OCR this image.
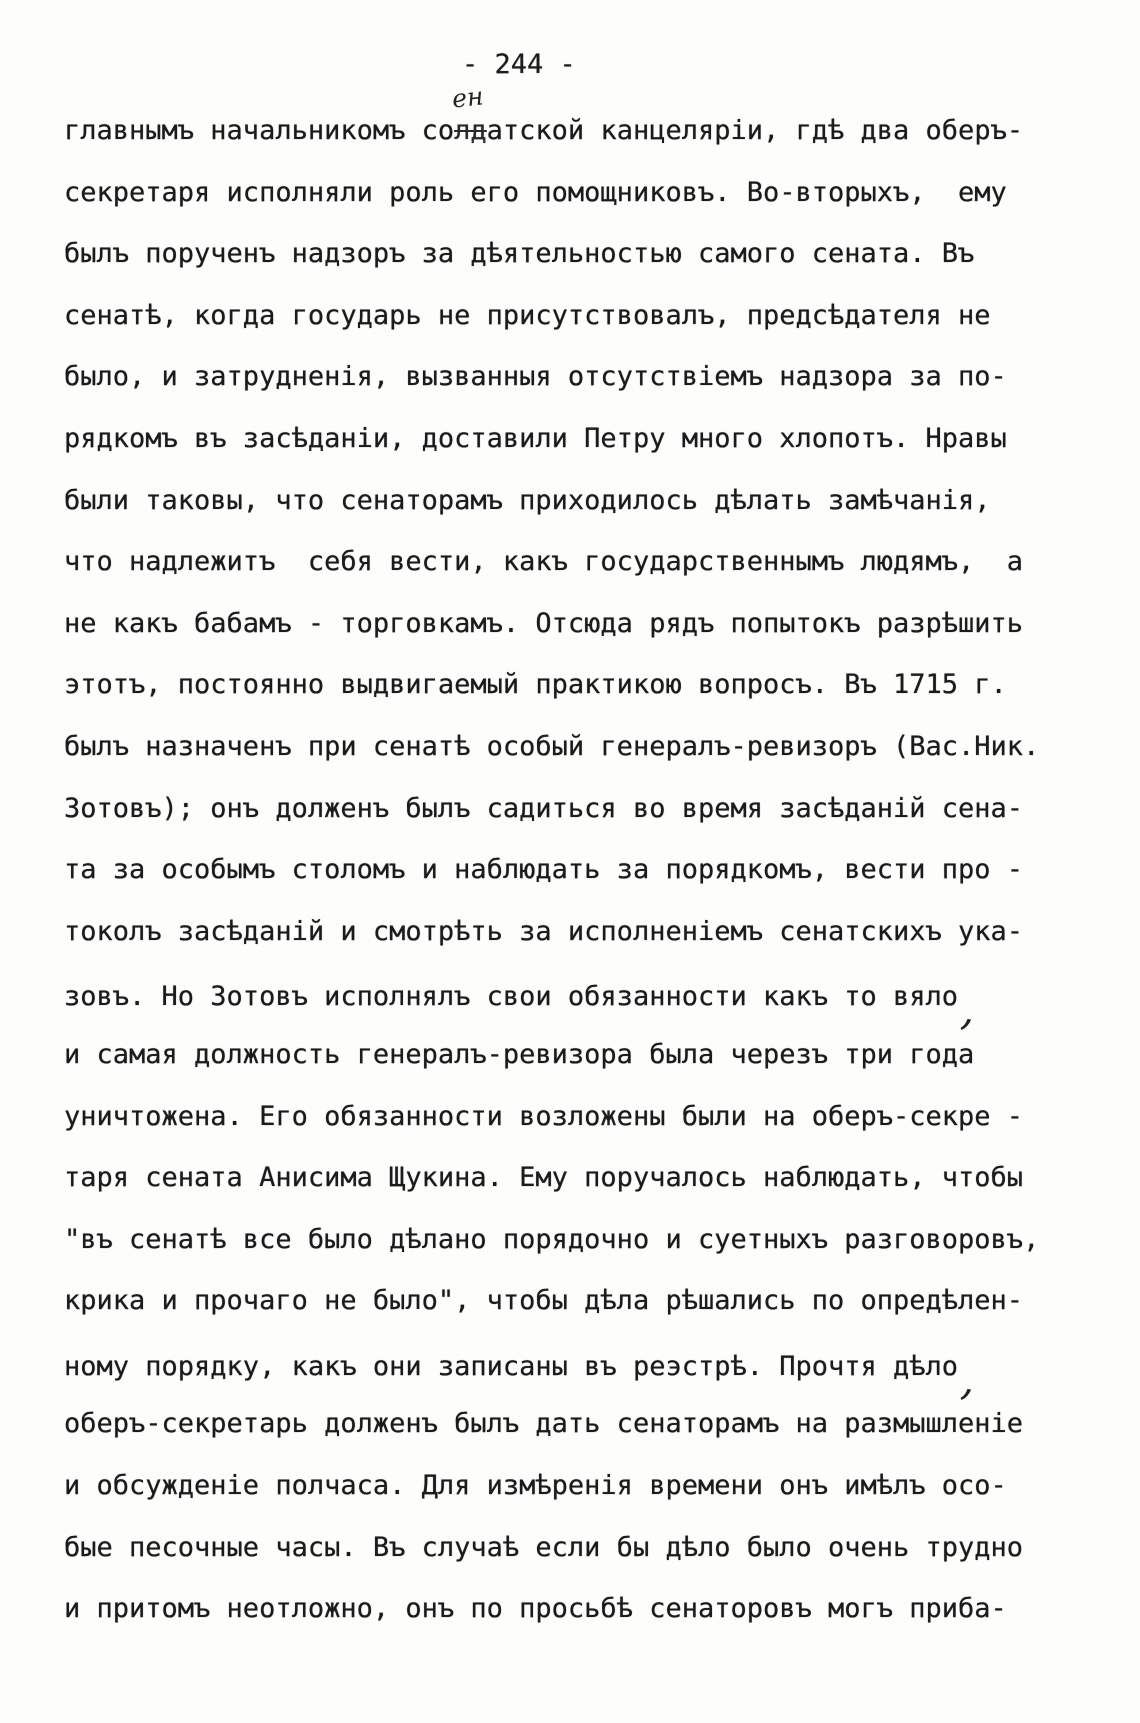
- 244 -
главнымъ начальникомъ солд
ен
атской канцеляріи, гдѣ два оберъ-
секретаря исполняли роль его помощниковъ. Во-вторыхъ,  ему
былъ порученъ надзоръ за дѣятельностью самого сената. Въ
сенатѣ, когда государь не присутствовалъ, предсѣдателя не
было, и затрудненія, вызванныя отсутствіемъ надзора за по-
рядкомъ въ засѣданіи, доставили Петру много хлопотъ. Нравы
были таковы, что сенаторамъ приходилось дѣлать замѣчанія,
что надлежитъ  себя вести, какъ государственнымъ людямъ,  а
не какъ бабамъ - торговкамъ. Отсюда рядъ попытокъ разрѣшить
этотъ, постоянно выдвигаемый практикою вопросъ. Въ 1715 г.
былъ назначенъ при сенатѣ особый генералъ-ревизоръ (Вас.Ник.
Зотовъ); онъ долженъ былъ садиться во время засѣданій сена-
та за особымъ столомъ и наблюдать за порядкомъ, вести про -
токолъ засѣданій и смотрѣть за исполненіемъ сенатскихъ ука-
зовъ. Но Зотовъ исполнялъ свои обязанности какъ то вяло,
и самая должность генералъ-ревизора была черезъ три года
уничтожена. Его обязанности возложены были на оберъ-секре -
таря сената Анисима Щукина. Ему поручалось наблюдать, чтобы
"въ сенатѣ все было дѣлано порядочно и суетныхъ разговоровъ,
крика и прочаго не было", чтобы дѣла рѣшались по опредѣлен-
ному порядку, какъ они записаны въ реэстрѣ. Прочтя дѣло,
оберъ-секретарь долженъ былъ дать сенаторамъ на размышленіе
и обсужденіе полчаса. Для измѣренія времени онъ имѣлъ осо-
бые песочные часы. Въ случаѣ если бы дѣло было очень трудно
и притомъ неотложно, онъ по просьбѣ сенаторовъ могъ приба-
